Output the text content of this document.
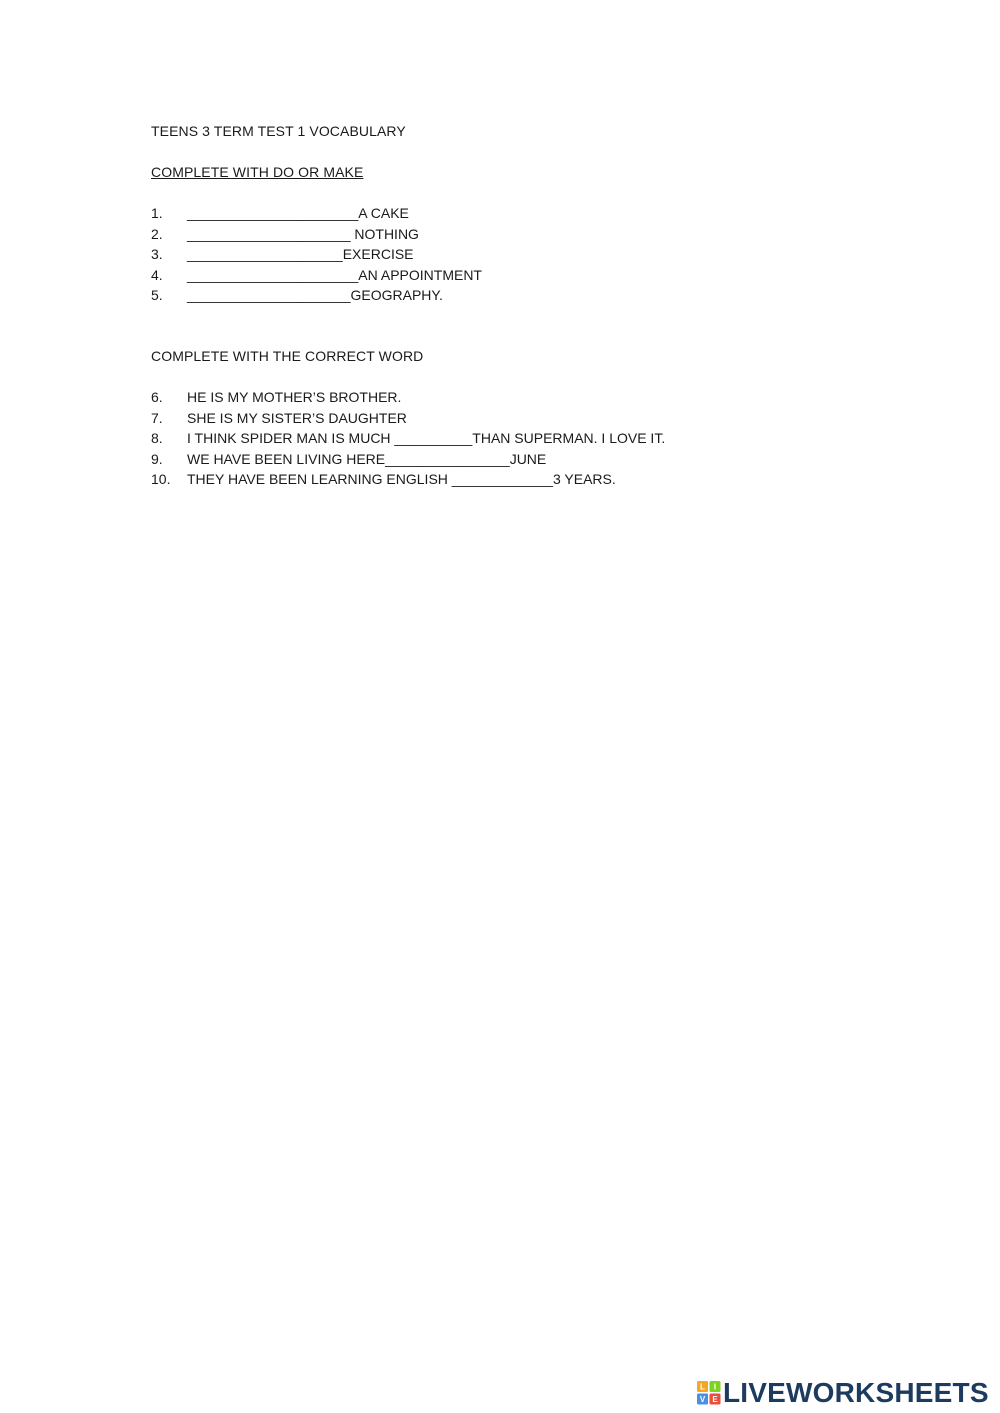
TEENS 3 TERM TEST 1 VOCABULARY
COMPLETE WITH DO OR MAKE

1.

______________________A CAKE

2.

_____________________ NOTHING

3.

____________________EXERCISE

4.

______________________AN APPOINTMENT

5.

_____________________GEOGRAPHY.

COMPLETE WITH THE CORRECT WORD

6.

HE IS MY MOTHER’S BROTHER.

7.

SHE IS MY SISTER’S DAUGHTER

8.

I THINK SPIDER MAN IS MUCH __________THAN SUPERMAN. I LOVE IT.

9.

WE HAVE BEEN LIVING HERE________________JUNE

10.

THEY HAVE BEEN LEARNING ENGLISH _____________3 YEARS.

L I
V E LIVEWORKSHEETS
